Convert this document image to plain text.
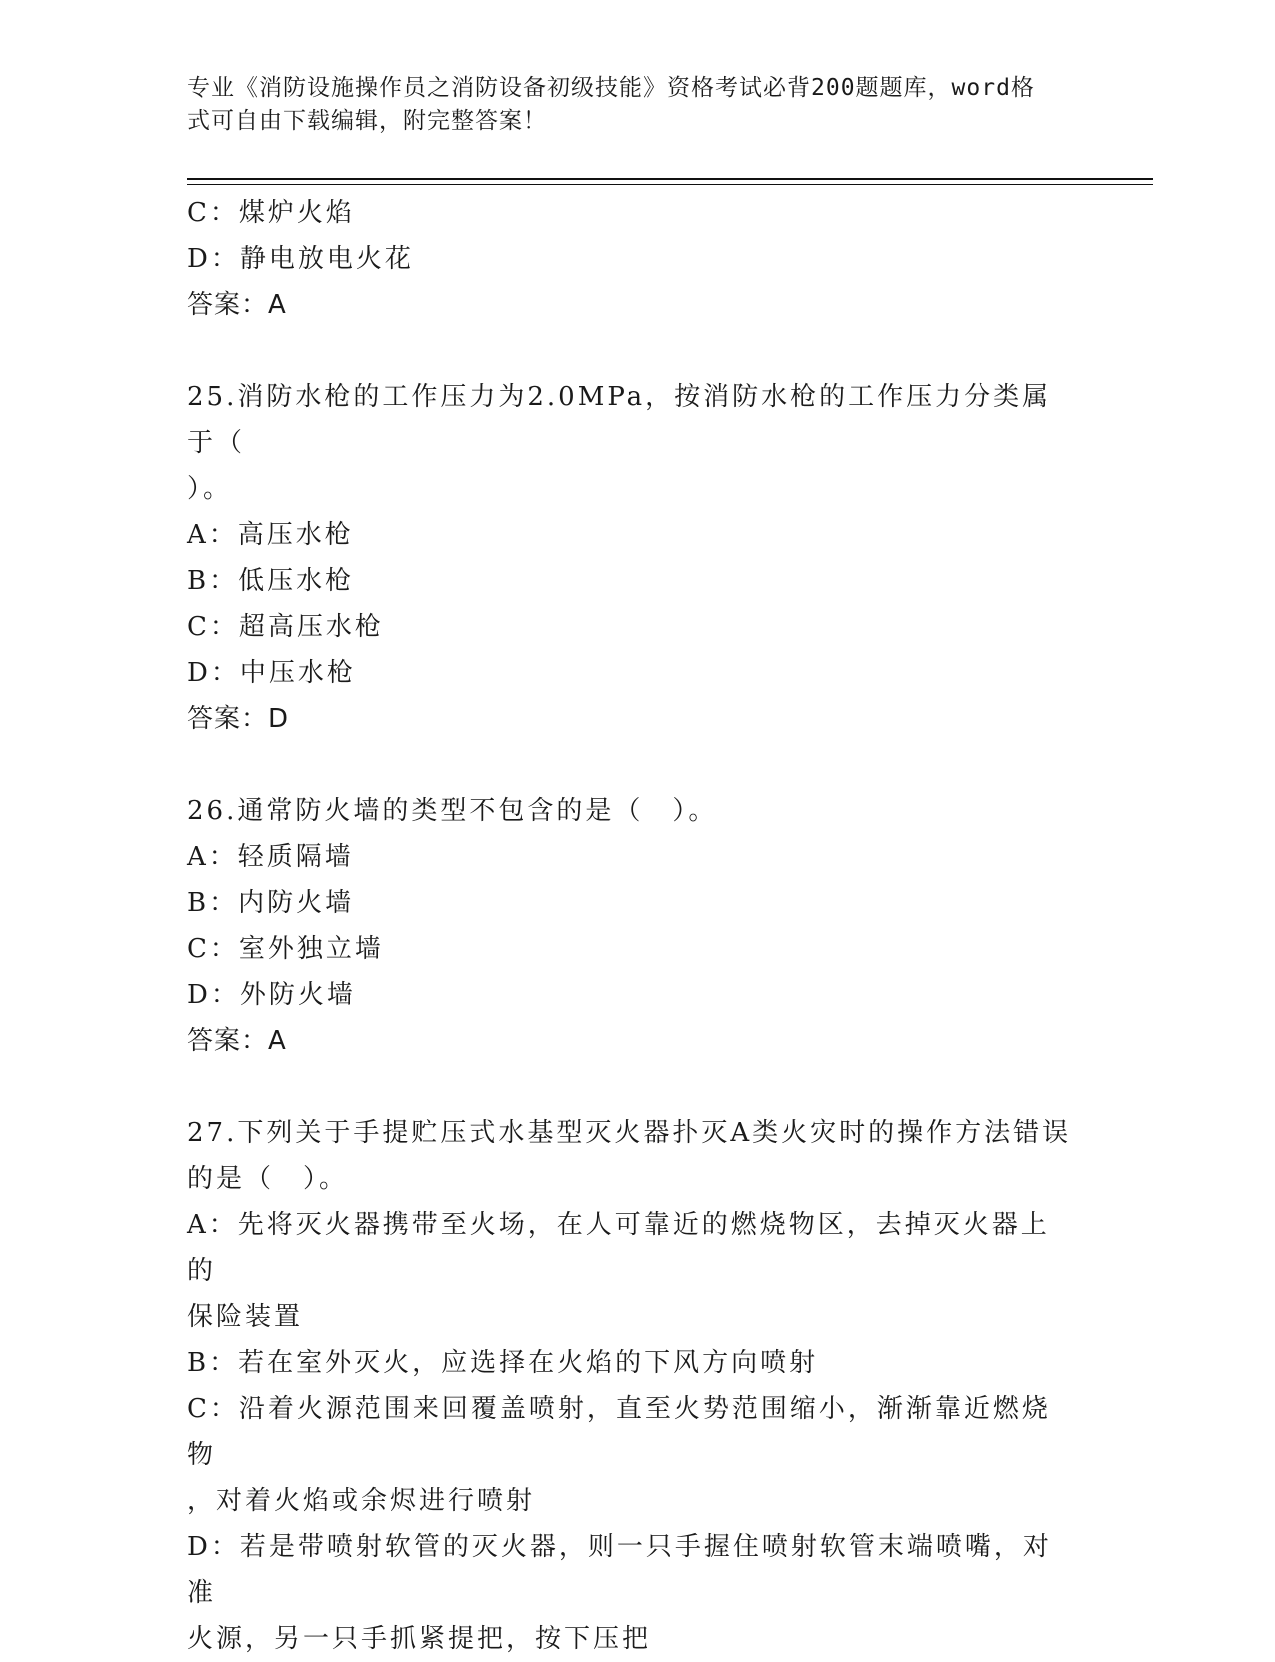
专业《消防设施操作员之消防设备初级技能》资格考试必背200题题库，word格
式可自由下载编辑，附完整答案！
C：煤炉火焰
D：静电放电火花
答案：A
25.消防水枪的工作压力为2.0MPa，按消防水枪的工作压力分类属于（
）。
A：高压水枪
B：低压水枪
C：超高压水枪
D：中压水枪
答案：D
26.通常防火墙的类型不包含的是（　）。
A：轻质隔墙
B：内防火墙
C：室外独立墙
D：外防火墙
答案：A
27.下列关于手提贮压式水基型灭火器扑灭A类火灾时的操作方法错误
的是（　）。
A：先将灭火器携带至火场，在人可靠近的燃烧物区，去掉灭火器上的
保险装置
B：若在室外灭火，应选择在火焰的下风方向喷射
C：沿着火源范围来回覆盖喷射，直至火势范围缩小，渐渐靠近燃烧物
，对着火焰或余烬进行喷射
D：若是带喷射软管的灭火器，则一只手握住喷射软管末端喷嘴，对准
火源，另一只手抓紧提把，按下压把
